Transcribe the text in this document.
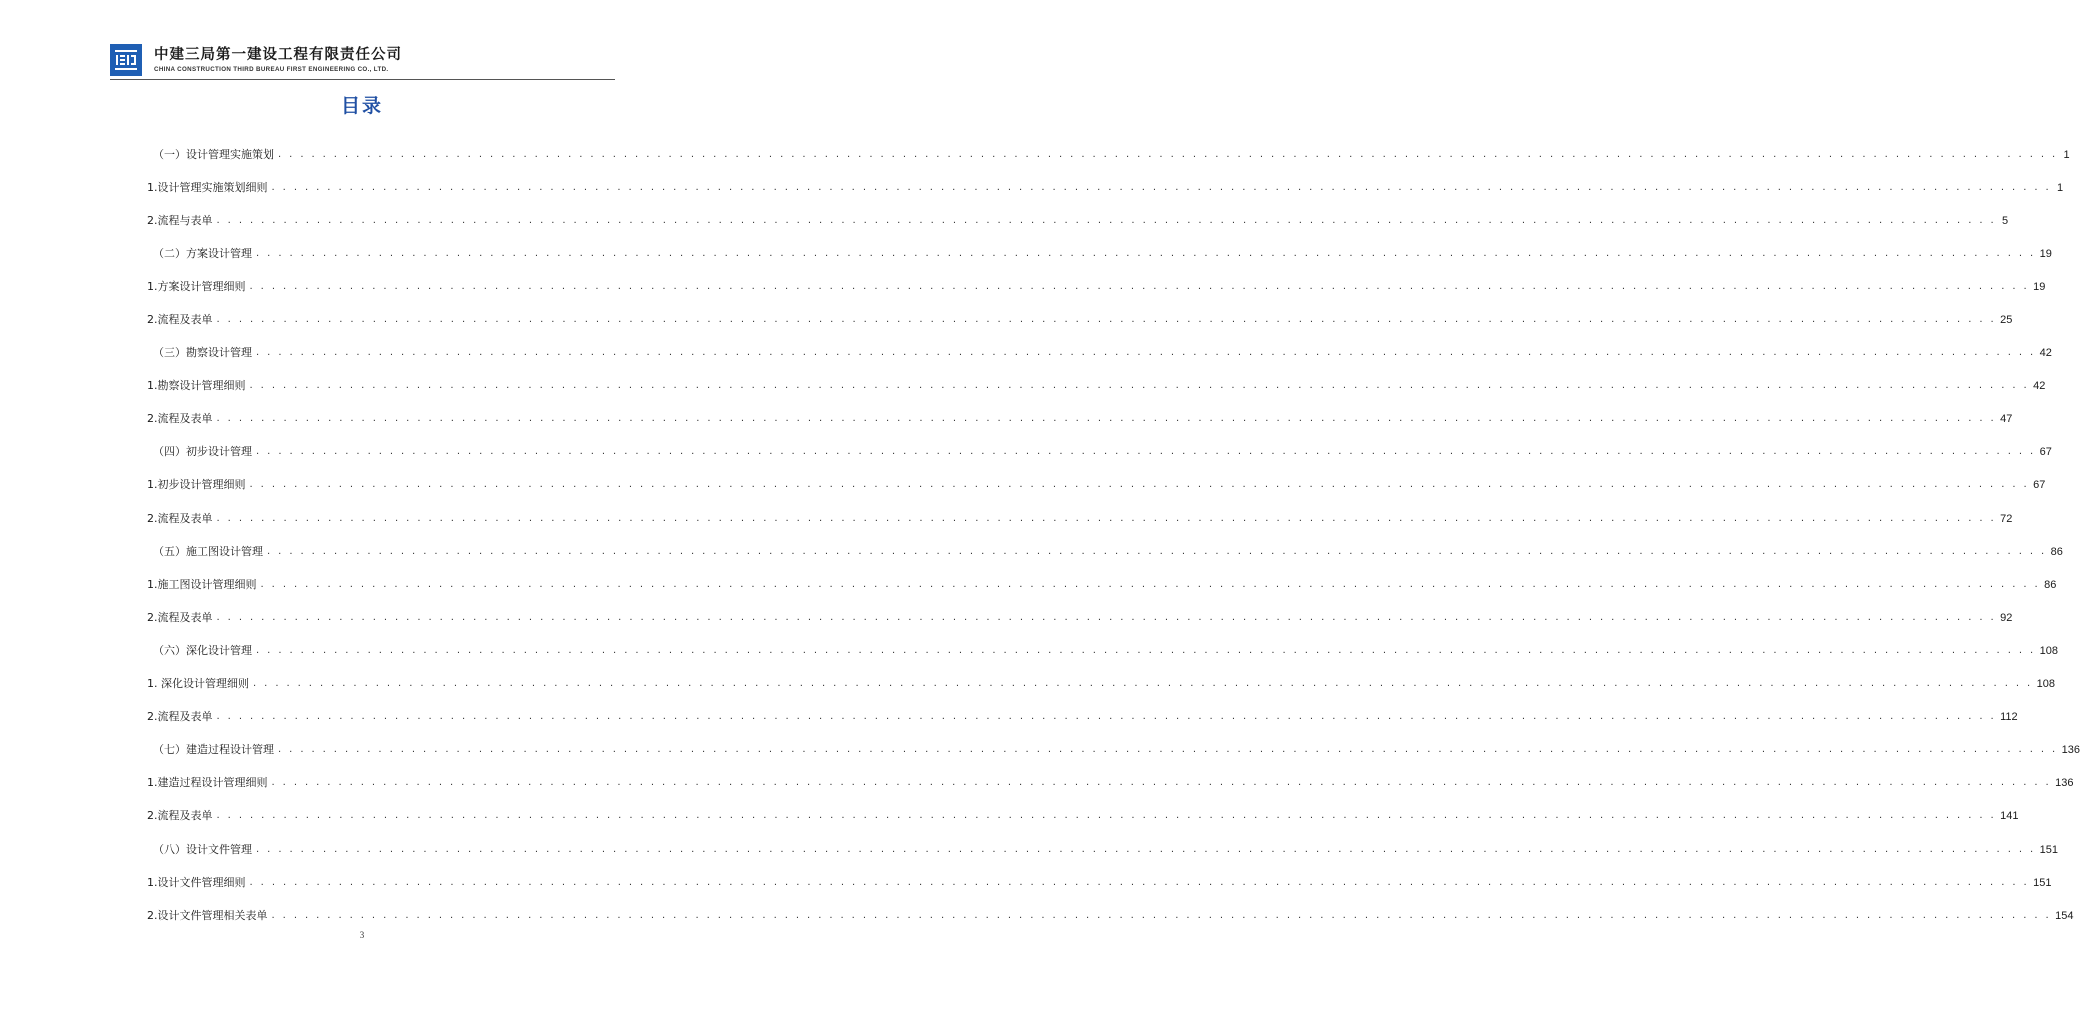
中建三局第一建设工程有限责任公司
CHINA CONSTRUCTION THIRD BUREAU FIRST ENGINEERING CO., LTD.
目录
（一）设计管理实施策划 . . . . . . . . . . . . . . . . . . . . . . . . . . . . . . . . . . . . . . . . . . . . . . . . . . . . . . . . . . . . . . . . . . . . . . . . . . . . . . . . . . . . . . . . . . . . . . . . . . . . . . . . . . . . . . . . . . . . . . . . . . . . . . . . . . . . . . . . . . . . . . . . . . . . . . . . . . . . . . . . 1
1.设计管理实施策划细则 . . . . . . . . . . . . . . . . . . . . . . . . . . . . . . . . . . . . . . . . . . . . . . . . . . . . . . . . . . . . . . . . . . . . . . . . . . . . . . . . . . . . . . . . . . . . . . . . . . . . . . . . . . . . . . . . . . . . . . . . . . . . . . . . . . . . . . . . . . . . . . . . . . . . . . . . . . . . . . . . 1
2.流程与表单 . . . . . . . . . . . . . . . . . . . . . . . . . . . . . . . . . . . . . . . . . . . . . . . . . . . . . . . . . . . . . . . . . . . . . . . . . . . . . . . . . . . . . . . . . . . . . . . . . . . . . . . . . . . . . . . . . . . . . . . . . . . . . . . . . . . . . . . . . . . . . . . . . . . . . . . . . . . . . . . . 5
（二）方案设计管理 . . . . . . . . . . . . . . . . . . . . . . . . . . . . . . . . . . . . . . . . . . . . . . . . . . . . . . . . . . . . . . . . . . . . . . . . . . . . . . . . . . . . . . . . . . . . . . . . . . . . . . . . . . . . . . . . . . . . . . . . . . . . . . . . . . . . . . . . . . . . . . . . . . . . . . . . . . . . . . . . 19
1.方案设计管理细则 . . . . . . . . . . . . . . . . . . . . . . . . . . . . . . . . . . . . . . . . . . . . . . . . . . . . . . . . . . . . . . . . . . . . . . . . . . . . . . . . . . . . . . . . . . . . . . . . . . . . . . . . . . . . . . . . . . . . . . . . . . . . . . . . . . . . . . . . . . . . . . . . . . . . . . . . . . . . . . . . 19
2.流程及表单 . . . . . . . . . . . . . . . . . . . . . . . . . . . . . . . . . . . . . . . . . . . . . . . . . . . . . . . . . . . . . . . . . . . . . . . . . . . . . . . . . . . . . . . . . . . . . . . . . . . . . . . . . . . . . . . . . . . . . . . . . . . . . . . . . . . . . . . . . . . . . . . . . . . . . . . . . . . . . . . . 25
（三）勘察设计管理 . . . . . . . . . . . . . . . . . . . . . . . . . . . . . . . . . . . . . . . . . . . . . . . . . . . . . . . . . . . . . . . . . . . . . . . . . . . . . . . . . . . . . . . . . . . . . . . . . . . . . . . . . . . . . . . . . . . . . . . . . . . . . . . . . . . . . . . . . . . . . . . . . . . . . . . . . . . . . . . . 42
1.勘察设计管理细则 . . . . . . . . . . . . . . . . . . . . . . . . . . . . . . . . . . . . . . . . . . . . . . . . . . . . . . . . . . . . . . . . . . . . . . . . . . . . . . . . . . . . . . . . . . . . . . . . . . . . . . . . . . . . . . . . . . . . . . . . . . . . . . . . . . . . . . . . . . . . . . . . . . . . . . . . . . . . . . . . 42
2.流程及表单 . . . . . . . . . . . . . . . . . . . . . . . . . . . . . . . . . . . . . . . . . . . . . . . . . . . . . . . . . . . . . . . . . . . . . . . . . . . . . . . . . . . . . . . . . . . . . . . . . . . . . . . . . . . . . . . . . . . . . . . . . . . . . . . . . . . . . . . . . . . . . . . . . . . . . . . . . . . . . . . . 47
（四）初步设计管理 . . . . . . . . . . . . . . . . . . . . . . . . . . . . . . . . . . . . . . . . . . . . . . . . . . . . . . . . . . . . . . . . . . . . . . . . . . . . . . . . . . . . . . . . . . . . . . . . . . . . . . . . . . . . . . . . . . . . . . . . . . . . . . . . . . . . . . . . . . . . . . . . . . . . . . . . . . . . . . . . 67
1.初步设计管理细则 . . . . . . . . . . . . . . . . . . . . . . . . . . . . . . . . . . . . . . . . . . . . . . . . . . . . . . . . . . . . . . . . . . . . . . . . . . . . . . . . . . . . . . . . . . . . . . . . . . . . . . . . . . . . . . . . . . . . . . . . . . . . . . . . . . . . . . . . . . . . . . . . . . . . . . . . . . . . . . . . 67
2.流程及表单 . . . . . . . . . . . . . . . . . . . . . . . . . . . . . . . . . . . . . . . . . . . . . . . . . . . . . . . . . . . . . . . . . . . . . . . . . . . . . . . . . . . . . . . . . . . . . . . . . . . . . . . . . . . . . . . . . . . . . . . . . . . . . . . . . . . . . . . . . . . . . . . . . . . . . . . . . . . . . . . . 72
（五）施工图设计管理 . . . . . . . . . . . . . . . . . . . . . . . . . . . . . . . . . . . . . . . . . . . . . . . . . . . . . . . . . . . . . . . . . . . . . . . . . . . . . . . . . . . . . . . . . . . . . . . . . . . . . . . . . . . . . . . . . . . . . . . . . . . . . . . . . . . . . . . . . . . . . . . . . . . . . . . . . . . . . . . . 86
1.施工图设计管理细则 . . . . . . . . . . . . . . . . . . . . . . . . . . . . . . . . . . . . . . . . . . . . . . . . . . . . . . . . . . . . . . . . . . . . . . . . . . . . . . . . . . . . . . . . . . . . . . . . . . . . . . . . . . . . . . . . . . . . . . . . . . . . . . . . . . . . . . . . . . . . . . . . . . . . . . . . . . . . . . . . 86
2.流程及表单 . . . . . . . . . . . . . . . . . . . . . . . . . . . . . . . . . . . . . . . . . . . . . . . . . . . . . . . . . . . . . . . . . . . . . . . . . . . . . . . . . . . . . . . . . . . . . . . . . . . . . . . . . . . . . . . . . . . . . . . . . . . . . . . . . . . . . . . . . . . . . . . . . . . . . . . . . . . . . . . . 92
（六）深化设计管理 . . . . . . . . . . . . . . . . . . . . . . . . . . . . . . . . . . . . . . . . . . . . . . . . . . . . . . . . . . . . . . . . . . . . . . . . . . . . . . . . . . . . . . . . . . . . . . . . . . . . . . . . . . . . . . . . . . . . . . . . . . . . . . . . . . . . . . . . . . . . . . . . . . . . . . . . . . . . . . . . 108
1. 深化设计管理细则 . . . . . . . . . . . . . . . . . . . . . . . . . . . . . . . . . . . . . . . . . . . . . . . . . . . . . . . . . . . . . . . . . . . . . . . . . . . . . . . . . . . . . . . . . . . . . . . . . . . . . . . . . . . . . . . . . . . . . . . . . . . . . . . . . . . . . . . . . . . . . . . . . . . . . . . . . . . . . . . . 108
2.流程及表单 . . . . . . . . . . . . . . . . . . . . . . . . . . . . . . . . . . . . . . . . . . . . . . . . . . . . . . . . . . . . . . . . . . . . . . . . . . . . . . . . . . . . . . . . . . . . . . . . . . . . . . . . . . . . . . . . . . . . . . . . . . . . . . . . . . . . . . . . . . . . . . . . . . . . . . . . . . . . . . . . 112
（七）建造过程设计管理 . . . . . . . . . . . . . . . . . . . . . . . . . . . . . . . . . . . . . . . . . . . . . . . . . . . . . . . . . . . . . . . . . . . . . . . . . . . . . . . . . . . . . . . . . . . . . . . . . . . . . . . . . . . . . . . . . . . . . . . . . . . . . . . . . . . . . . . . . . . . . . . . . . . . . . . . . . . . . . . . 136
1.建造过程设计管理细则 . . . . . . . . . . . . . . . . . . . . . . . . . . . . . . . . . . . . . . . . . . . . . . . . . . . . . . . . . . . . . . . . . . . . . . . . . . . . . . . . . . . . . . . . . . . . . . . . . . . . . . . . . . . . . . . . . . . . . . . . . . . . . . . . . . . . . . . . . . . . . . . . . . . . . . . . . . . . . . . . 136
2.流程及表单 . . . . . . . . . . . . . . . . . . . . . . . . . . . . . . . . . . . . . . . . . . . . . . . . . . . . . . . . . . . . . . . . . . . . . . . . . . . . . . . . . . . . . . . . . . . . . . . . . . . . . . . . . . . . . . . . . . . . . . . . . . . . . . . . . . . . . . . . . . . . . . . . . . . . . . . . . . . . . . . . 141
（八）设计文件管理 . . . . . . . . . . . . . . . . . . . . . . . . . . . . . . . . . . . . . . . . . . . . . . . . . . . . . . . . . . . . . . . . . . . . . . . . . . . . . . . . . . . . . . . . . . . . . . . . . . . . . . . . . . . . . . . . . . . . . . . . . . . . . . . . . . . . . . . . . . . . . . . . . . . . . . . . . . . . . . . . 151
1.设计文件管理细则 . . . . . . . . . . . . . . . . . . . . . . . . . . . . . . . . . . . . . . . . . . . . . . . . . . . . . . . . . . . . . . . . . . . . . . . . . . . . . . . . . . . . . . . . . . . . . . . . . . . . . . . . . . . . . . . . . . . . . . . . . . . . . . . . . . . . . . . . . . . . . . . . . . . . . . . . . . . . . . . . 151
2.设计文件管理相关表单 . . . . . . . . . . . . . . . . . . . . . . . . . . . . . . . . . . . . . . . . . . . . . . . . . . . . . . . . . . . . . . . . . . . . . . . . . . . . . . . . . . . . . . . . . . . . . . . . . . . . . . . . . . . . . . . . . . . . . . . . . . . . . . . . . . . . . . . . . . . . . . . . . . . . . . . . . . . . . . . . 154
3
